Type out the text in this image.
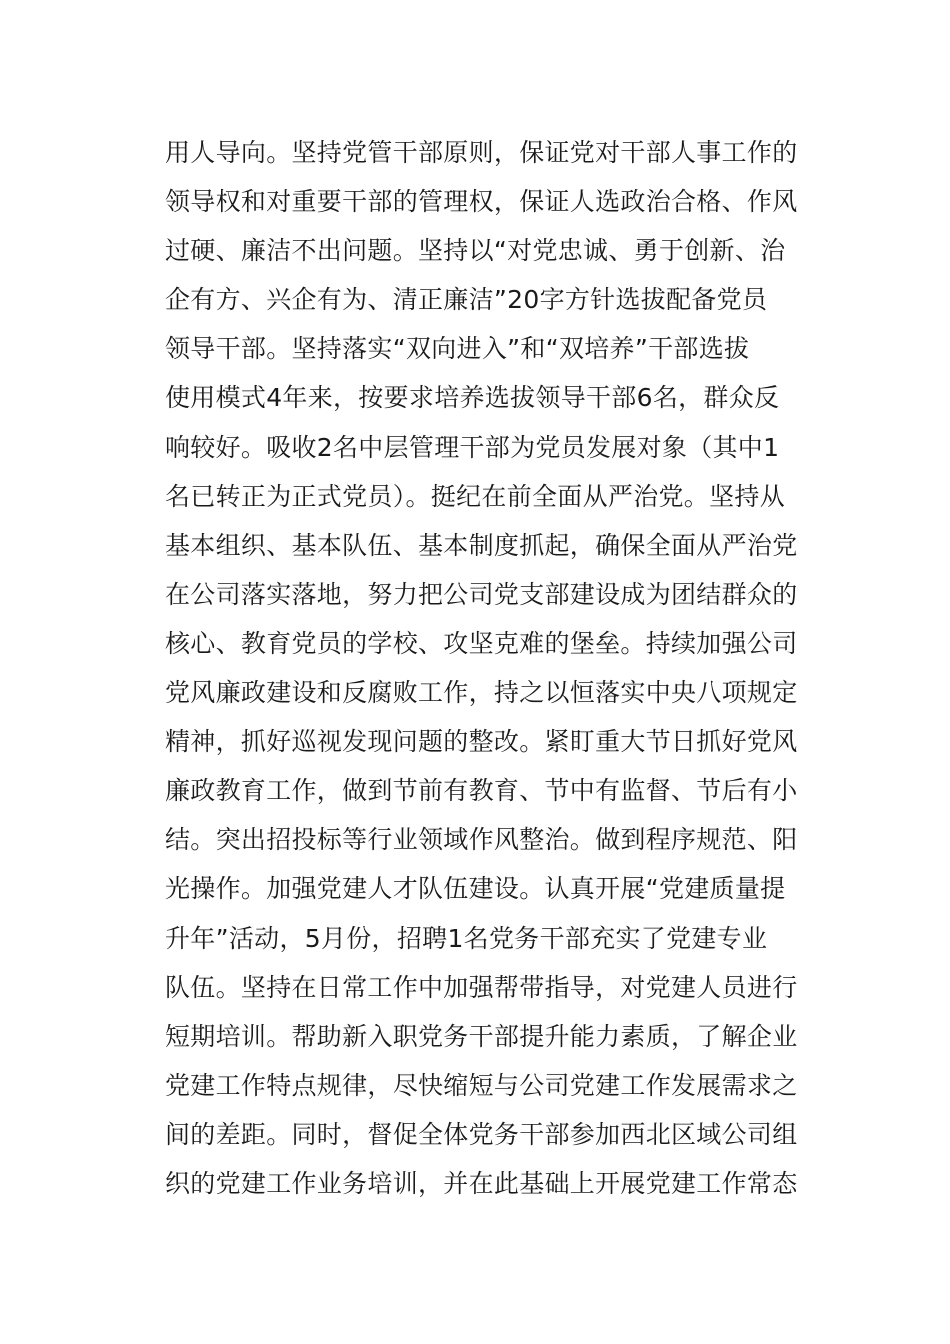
用人导向。坚持党管干部原则，保证党对干部人事工作的
领导权和对重要干部的管理权，保证人选政治合格、作风
过硬、廉洁不出问题。坚持以“对党忠诚、勇于创新、治
企有方、兴企有为、清正廉洁”20字方针选拔配备党员
领导干部。坚持落实“双向进入”和“双培养”干部选拔
使用模式4年来，按要求培养选拔领导干部6名，群众反
响较好。吸收2名中层管理干部为党员发展对象（其中1
名已转正为正式党员）。挺纪在前全面从严治党。坚持从
基本组织、基本队伍、基本制度抓起，确保全面从严治党
在公司落实落地，努力把公司党支部建设成为团结群众的
核心、教育党员的学校、攻坚克难的堡垒。持续加强公司
党风廉政建设和反腐败工作，持之以恒落实中央八项规定
精神，抓好巡视发现问题的整改。紧盯重大节日抓好党风
廉政教育工作，做到节前有教育、节中有监督、节后有小
结。突出招投标等行业领域作风整治。做到程序规范、阳
光操作。加强党建人才队伍建设。认真开展“党建质量提
升年”活动，5月份，招聘1名党务干部充实了党建专业
队伍。坚持在日常工作中加强帮带指导，对党建人员进行
短期培训。帮助新入职党务干部提升能力素质，了解企业
党建工作特点规律，尽快缩短与公司党建工作发展需求之
间的差距。同时，督促全体党务干部参加西北区域公司组
织的党建工作业务培训，并在此基础上开展党建工作常态
